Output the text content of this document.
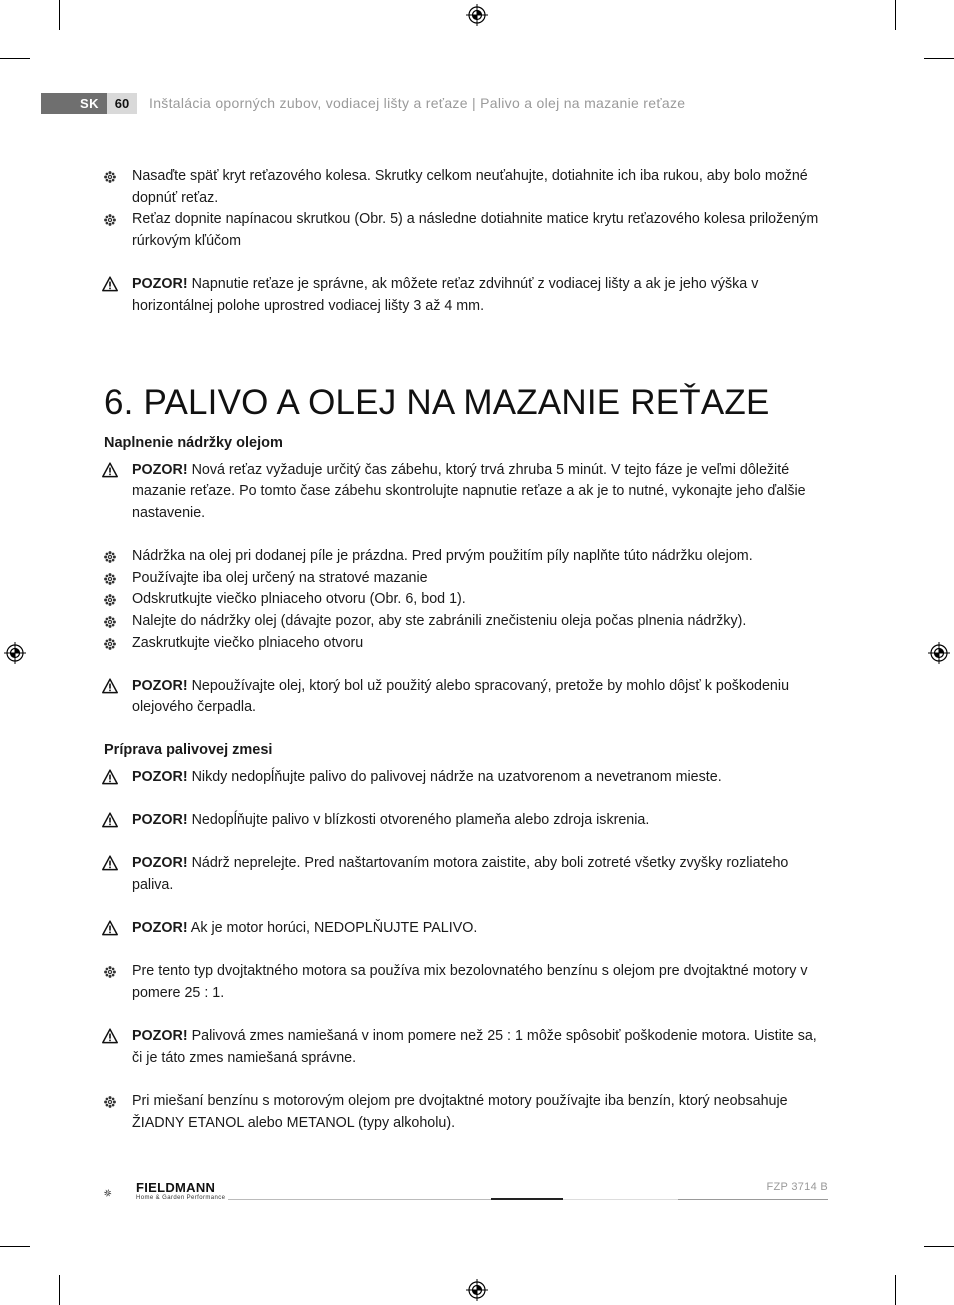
SK	60	Inštalácia oporných zubov, vodiacej lišty a reťaze | Palivo a olej na mazanie reťaze
Nasaďte späť kryt reťazového kolesa. Skrutky celkom neuťahujte, dotiahnite ich iba rukou, aby bolo možné dopnúť reťaz.
Reťaz dopnite napínacou skrutkou (Obr. 5) a následne dotiahnite matice krytu reťazového kolesa priloženým rúrkovým kľúčom
POZOR! Napnutie reťaze je správne, ak môžete reťaz zdvihnúť z vodiacej lišty a ak je jeho výška v horizontálnej polohe uprostred vodiacej lišty 3 až 4 mm.
6. PALIVO A OLEJ NA MAZANIE REŤAZE
Naplnenie nádržky olejom
POZOR! Nová reťaz vyžaduje určitý čas zábehu, ktorý trvá zhruba 5 minút. V tejto fáze je veľmi dôležité mazanie reťaze. Po tomto čase zábehu skontrolujte napnutie reťaze a ak je to nutné, vykonajte jeho ďalšie nastavenie.
Nádržka na olej pri dodanej píle je prázdna. Pred prvým použitím píly naplňte túto nádržku olejom.
Používajte iba olej určený na stratové mazanie
Odskrutkujte viečko plniaceho otvoru (Obr. 6, bod 1).
Nalejte do nádržky olej (dávajte pozor, aby ste zabránili znečisteniu oleja počas plnenia nádržky).
Zaskrutkujte viečko plniaceho otvoru
POZOR! Nepoužívajte olej, ktorý bol už použitý alebo spracovaný, pretože by mohlo dôjsť k poškodeniu olejového čerpadla.
Príprava palivovej zmesi
POZOR! Nikdy nedopĺňujte palivo do palivovej nádrže na uzatvorenom a nevetranom mieste.
POZOR! Nedopĺňujte palivo v blízkosti otvoreného plameňa alebo zdroja iskrenia.
POZOR! Nádrž neprelejte. Pred naštartovaním motora zaistite, aby boli zotreté všetky zvyšky rozliateho paliva.
POZOR! Ak je motor horúci, NEDOPLŇUJTE PALIVO.
Pre tento typ dvojtaktného motora sa používa mix bezolovnatého benzínu s olejom pre dvojtaktné motory v pomere 25 : 1.
POZOR! Palivová zmes namiešaná v inom pomere než 25 : 1 môže spôsobiť poškodenie motora. Uistite sa, či je táto zmes namiešaná správne.
Pri miešaní benzínu s motorovým olejom pre dvojtaktné motory používajte iba benzín, ktorý neobsahuje ŽIADNY ETANOL alebo METANOL (typy alkoholu).
FIELDMANN
Home & Garden Performance
FZP 3714 B
